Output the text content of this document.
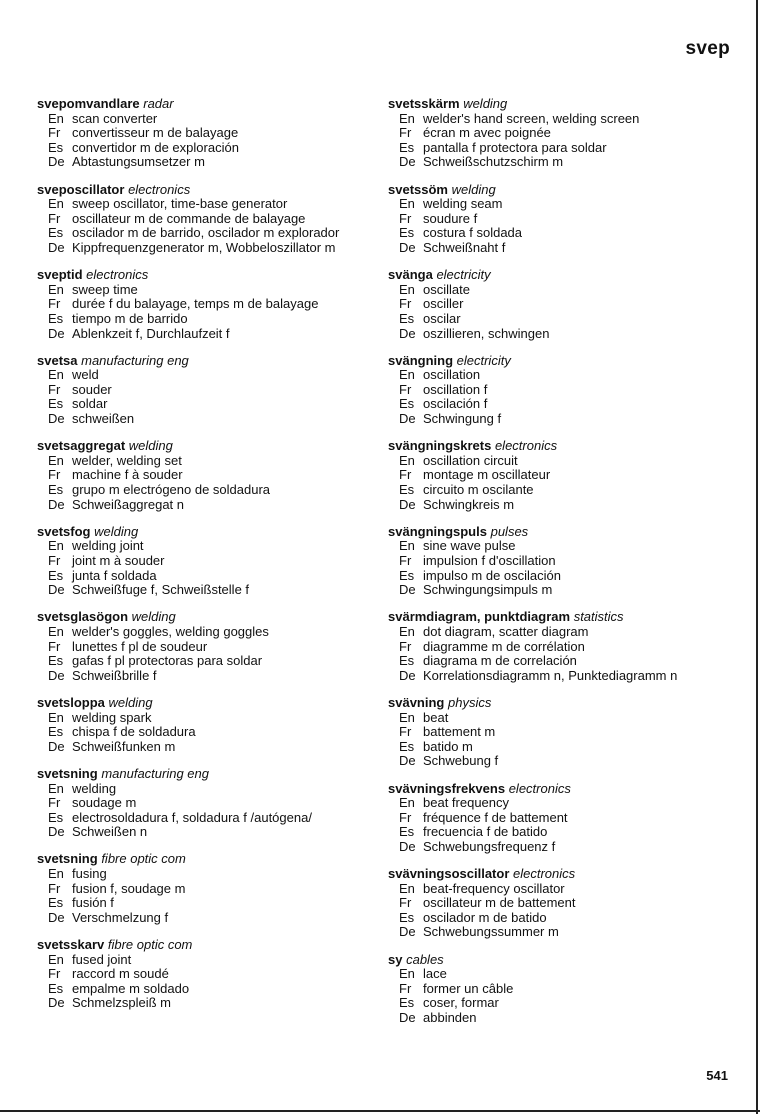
svep
svepomvandlare radar
En scan converter
Fr convertisseur m de balayage
Es convertidor m de exploración
De Abtastungsumsetzer m
sveposcillator electronics
En sweep oscillator, time-base generator
Fr oscillateur m de commande de balayage
Es oscilador m de barrido, oscilador m explorador
De Kippfrequenzgenerator m, Wobbeloszillator m
sveptid electronics
En sweep time
Fr durée f du balayage, temps m de balayage
Es tiempo m de barrido
De Ablenkzeit f, Durchlaufzeit f
svetsa manufacturing eng
En weld
Fr souder
Es soldar
De schweißen
svetsaggregat welding
En welder, welding set
Fr machine f à souder
Es grupo m electrógeno de soldadura
De Schweißaggregat n
svetsfog welding
En welding joint
Fr joint m à souder
Es junta f soldada
De Schweißfuge f, Schweißstelle f
svetsglasögon welding
En welder's goggles, welding goggles
Fr lunettes f pl de soudeur
Es gafas f pl protectoras para soldar
De Schweißbrille f
svetsloppa welding
En welding spark
Es chispa f de soldadura
De Schweißfunken m
svetsning manufacturing eng
En welding
Fr soudage m
Es electrosoldadura f, soldadura f /autógena/
De Schweißen n
svetsning fibre optic com
En fusing
Fr fusion f, soudage m
Es fusión f
De Verschmelzung f
svetsskarv fibre optic com
En fused joint
Fr raccord m soudé
Es empalme m soldado
De Schmelzspleiß m
svetsskärm welding
En welder's hand screen, welding screen
Fr écran m avec poignée
Es pantalla f protectora para soldar
De Schweißschutzschirm m
svetssöm welding
En welding seam
Fr soudure f
Es costura f soldada
De Schweißnaht f
svänga electricity
En oscillate
Fr osciller
Es oscilar
De oszillieren, schwingen
svängning electricity
En oscillation
Fr oscillation f
Es oscilación f
De Schwingung f
svängningskrets electronics
En oscillation circuit
Fr montage m oscillateur
Es circuito m oscilante
De Schwingkreis m
svängningspuls pulses
En sine wave pulse
Fr impulsion f d'oscillation
Es impulso m de oscilación
De Schwingungsimpuls m
svärmdiagram, punktdiagram statistics
En dot diagram, scatter diagram
Fr diagramme m de corrélation
Es diagrama m de correlación
De Korrelationsdiagramm n, Punktediagramm n
svävning physics
En beat
Fr battement m
Es batido m
De Schwebung f
svävningsfrekvens electronics
En beat frequency
Fr fréquence f de battement
Es frecuencia f de batido
De Schwebungsfrequenz f
svävningsoscillator electronics
En beat-frequency oscillator
Fr oscillateur m de battement
Es oscilador m de batido
De Schwebungssummer m
sy cables
En lace
Fr former un câble
Es coser, formar
De abbinden
541
